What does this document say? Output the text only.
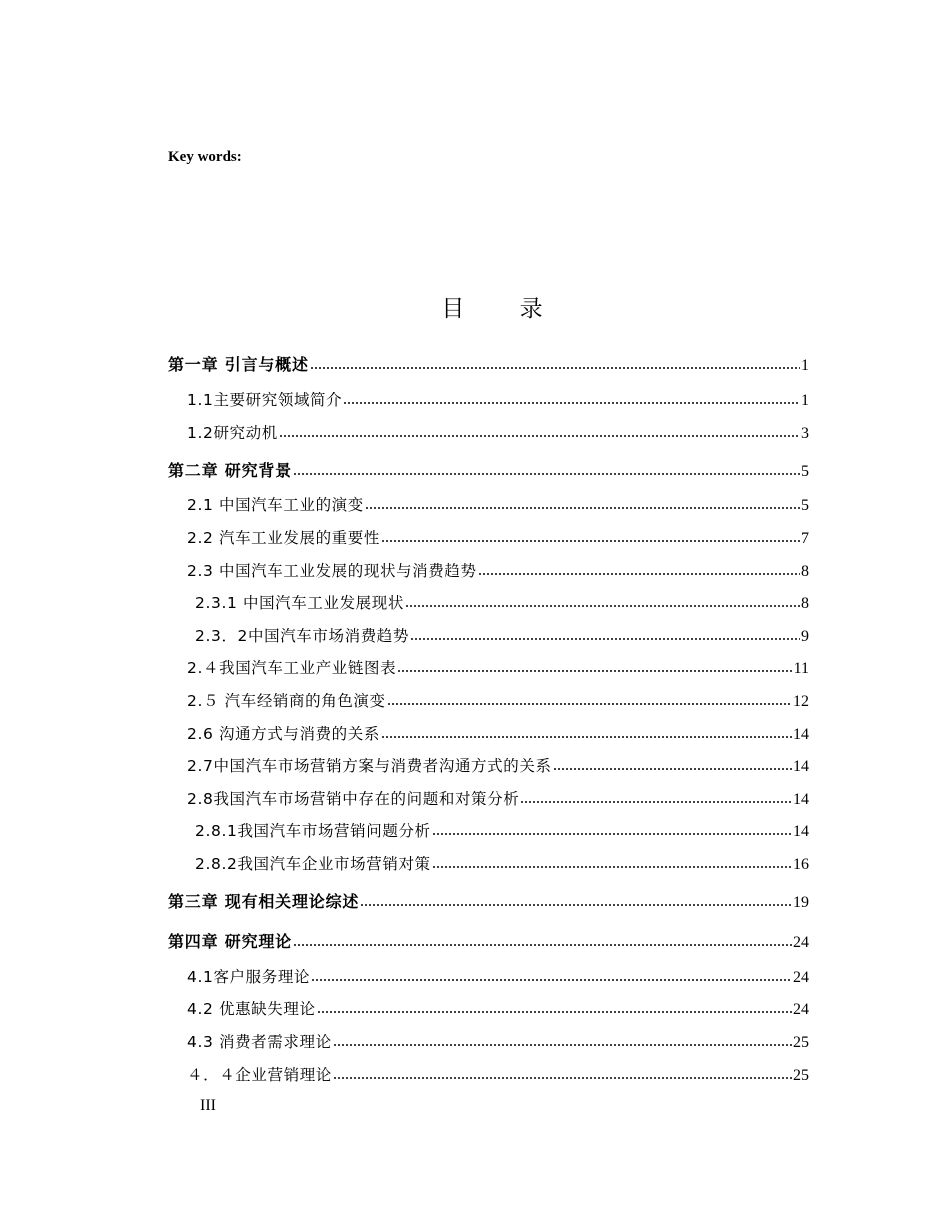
Key words:
目 录
第一章 引言与概述	1
1.1主要研究领域简介	1
1.2研究动机	3
第二章 研究背景	5
2.1 中国汽车工业的演变	5
2.2 汽车工业发展的重要性	7
2.3 中国汽车工业发展的现状与消费趋势	8
2.3.1 中国汽车工业发展现状	8
2.3．2中国汽车市场消费趋势	9
2.４我国汽车工业产业链图表	11
2.５ 汽车经销商的角色演变	12
2.6 沟通方式与消费的关系	14
2.7中国汽车市场营销方案与消费者沟通方式的关系	14
2.8我国汽车市场营销中存在的问题和对策分析	14
2.8.1我国汽车市场营销问题分析	14
2.8.2我国汽车企业市场营销对策	16
第三章 现有相关理论综述	19
第四章 研究理论	24
4.1客户服务理论	24
4.2 优惠缺失理论	24
4.3 消费者需求理论	25
４．４企业营销理论	25
III
